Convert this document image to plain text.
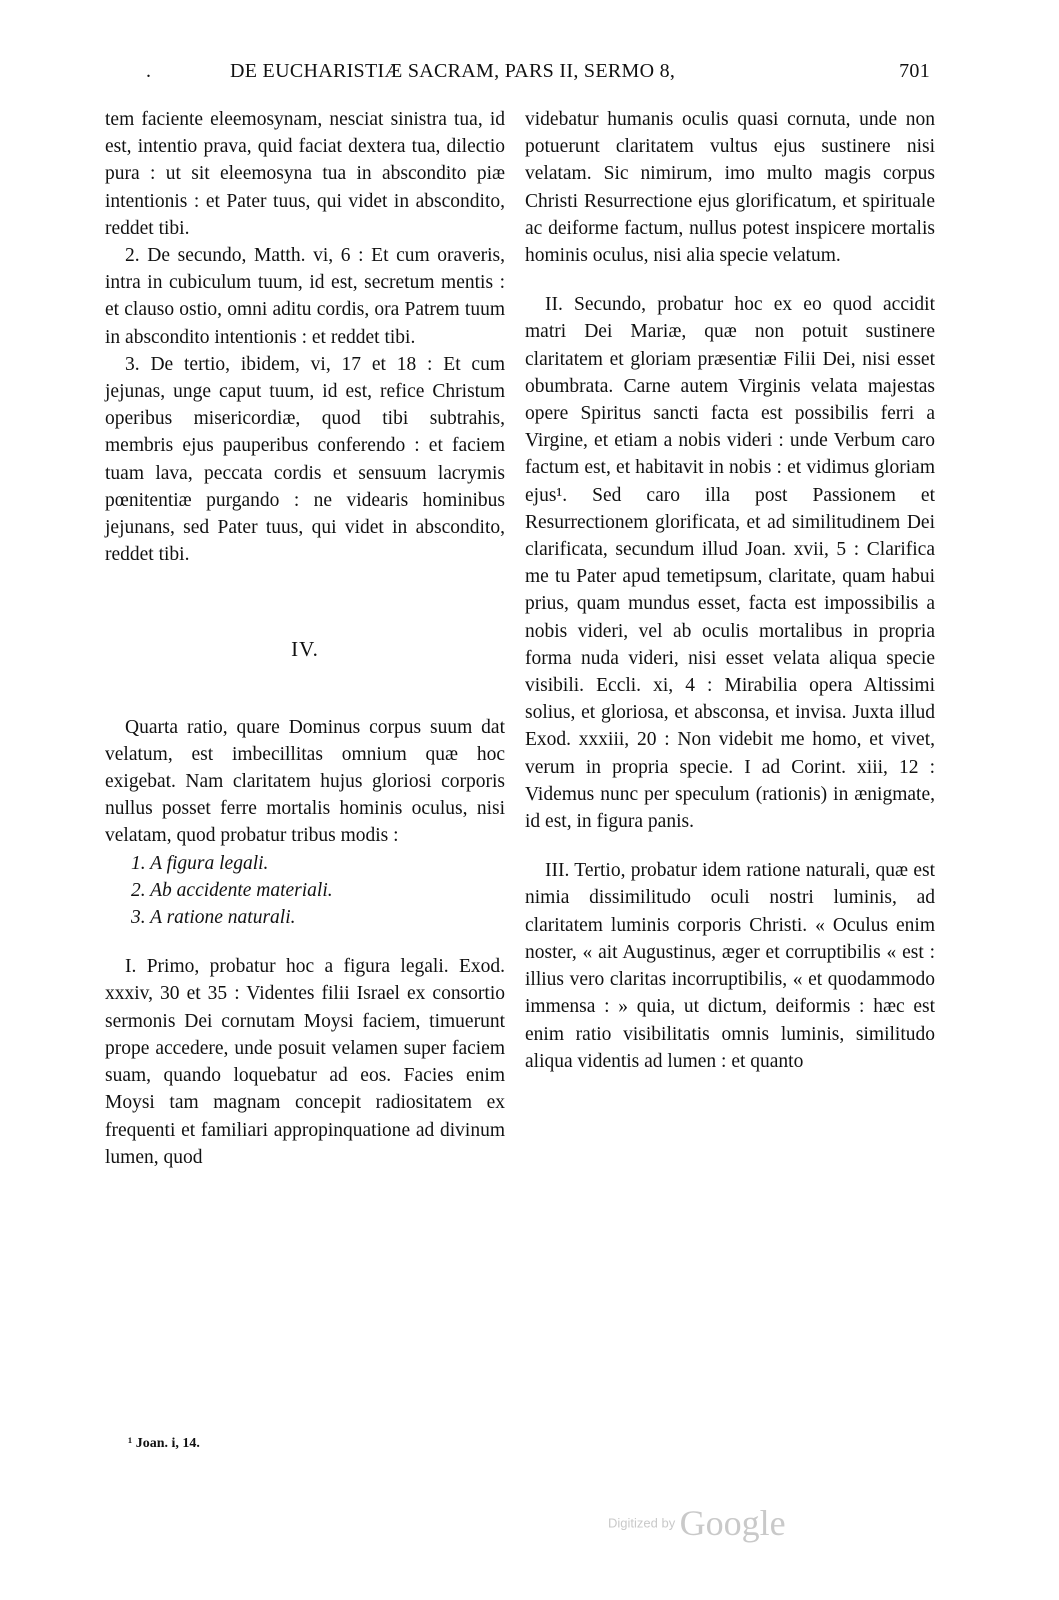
.	DE EUCHARISTIÆ SACRAM, PARS II, SERMO 8,	701

tem faciente eleemosynam, nesciat sinistra tua, id est, intentio prava, quid faciat dextera tua, dilectio pura : ut sit eleemosyna tua in abscondito piæ intentionis : et Pater tuus, qui videt in abscondito, reddet tibi.

2. De secundo, Matth. vi, 6 : Et cum oraveris, intra in cubiculum tuum, id est, secretum mentis : et clauso ostio, omni aditu cordis, ora Patrem tuum in abscondito intentionis : et reddet tibi.

3. De tertio, ibidem, vi, 17 et 18 : Et cum jejunas, unge caput tuum, id est, refice Christum operibus misericordiæ, quod tibi subtrahis, membris ejus pauperibus conferendo : et faciem tuam lava, peccata cordis et sensuum lacrymis pœnitentiæ purgando : ne videaris hominibus jejunans, sed Pater tuus, qui videt in abscondito, reddet tibi.

IV.

Quarta ratio, quare Dominus corpus suum dat velatum, est imbecillitas omnium quæ hoc exigebat. Nam claritatem hujus gloriosi corporis nullus posset ferre mortalis hominis oculus, nisi velatam, quod probatur tribus modis :

1. A figura legali.
2. Ab accidente materiali.
3. A ratione naturali.

I. Primo, probatur hoc a figura legali. Exod. xxxiv, 30 et 35 : Videntes filii Israel ex consortio sermonis Dei cornutam Moysi faciem, timuerunt prope accedere, unde posuit velamen super faciem suam, quando loquebatur ad eos. Facies enim Moysi tam magnam concepit radiositatem ex frequenti et familiari appropinquatione ad divinum lumen, quod

videbatur humanis oculis quasi cornuta, unde non potuerunt claritatem vultus ejus sustinere nisi velatam. Sic nimirum, imo multo magis corpus Christi Resurrectione ejus glorificatum, et spirituale ac deiforme factum, nullus potest inspicere mortalis hominis oculus, nisi alia specie velatum.

II. Secundo, probatur hoc ex eo quod accidit matri Dei Mariæ, quæ non potuit sustinere claritatem et gloriam præsentiæ Filii Dei, nisi esset obumbrata. Carne autem Virginis velata majestas opere Spiritus sancti facta est possibilis ferri a Virgine, et etiam a nobis videri : unde Verbum caro factum est, et habitavit in nobis : et vidimus gloriam ejus¹. Sed caro illa post Passionem et Resurrectionem glorificata, et ad similitudinem Dei clarificata, secundum illud Joan. xvii, 5 : Clarifica me tu Pater apud temetipsum, claritate, quam habui prius, quam mundus esset, facta est impossibilis a nobis videri, vel ab oculis mortalibus in propria forma nuda videri, nisi esset velata aliqua specie visibili. Eccli. xi, 4 : Mirabilia opera Altissimi solius, et gloriosa, et absconsa, et invisa. Juxta illud Exod. xxxiii, 20 : Non videbit me homo, et vivet, verum in propria specie. I ad Corint. xiii, 12 : Videmus nunc per speculum (rationis) in ænigmate, id est, in figura panis.

III. Tertio, probatur idem ratione naturali, quæ est nimia dissimilitudo oculi nostri luminis, ad claritatem luminis corporis Christi. « Oculus enim noster, « ait Augustinus, æger et corruptibilis « est : illius vero claritas incorruptibilis, « et quodammodo immensa : » quia, ut dictum, deiformis : hæc est enim ratio visibilitatis omnis luminis, similitudo aliqua videntis ad lumen : et quanto

¹ Joan. i, 14.
Digitized by Google
